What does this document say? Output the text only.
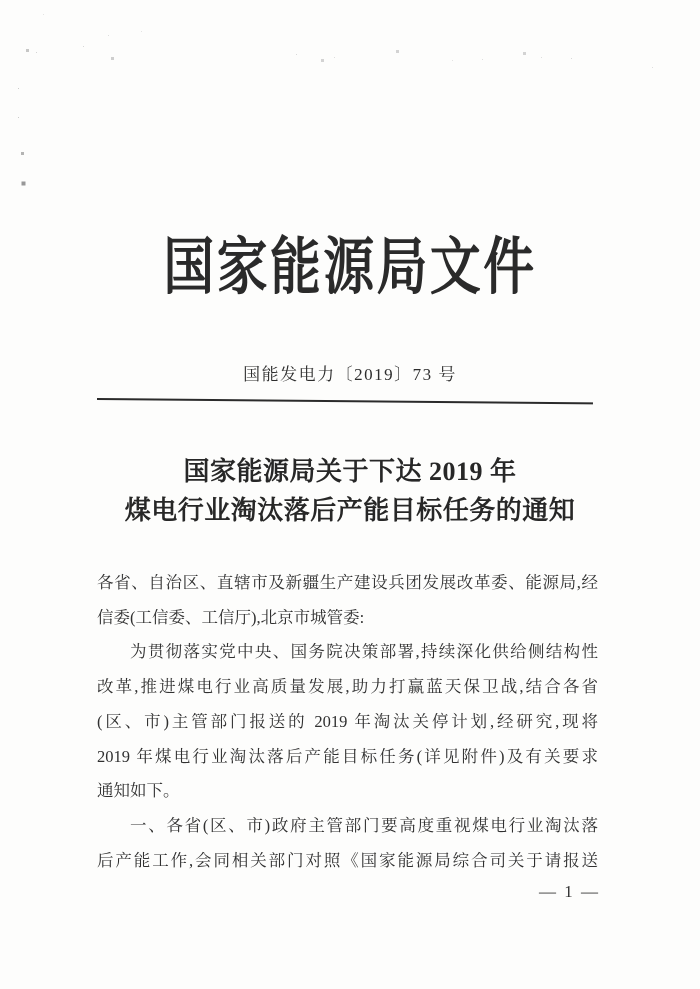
国家能源局文件
国能发电力〔2019〕73 号
国家能源局关于下达 2019 年
煤电行业淘汰落后产能目标任务的通知

各省、自治区、直辖市及新疆生产建设兵团发展改革委、能源局,经

信委(工信委、工信厅),北京市城管委:

为贯彻落实党中央、国务院决策部署,持续深化供给侧结构性

改革,推进煤电行业高质量发展,助力打赢蓝天保卫战,结合各省

(区、市)主管部门报送的 2019 年淘汰关停计划,经研究,现将

2019 年煤电行业淘汰落后产能目标任务(详见附件)及有关要求

通知如下。

一、各省(区、市)政府主管部门要高度重视煤电行业淘汰落

后产能工作,会同相关部门对照《国家能源局综合司关于请报送

— 1 —
